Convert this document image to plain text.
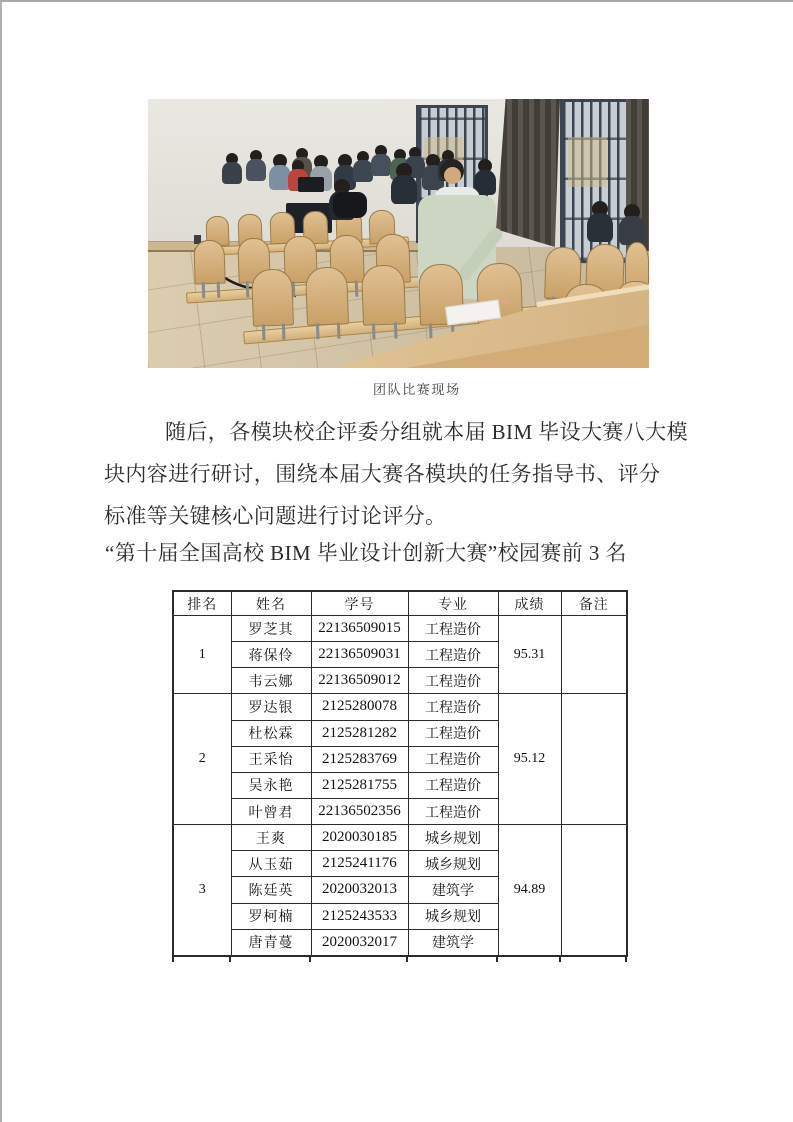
团队比赛现场
随后，各模块校企评委分组就本届 BIM 毕设大赛八大模
块内容进行研讨，围绕本届大赛各模块的任务指导书、评分
标准等关键核心问题进行讨论评分。
“第十届全国高校 BIM 毕业设计创新大赛”校园赛前 3 名
排名	姓名	学号	专业	成绩	备注
1	罗芝其	22136509015	工程造价	95.31	
	蒋保伶	22136509031	工程造价		
	韦云娜	22136509012	工程造价		
2	罗达银	2125280078	工程造价	95.12	
	杜松霖	2125281282	工程造价		
	王采怡	2125283769	工程造价		
	吴永艳	2125281755	工程造价		
	叶曾君	22136502356	工程造价		
3	王爽	2020030185	城乡规划	94.89	
	从玉茹	2125241176	城乡规划		
	陈廷英	2020032013	建筑学		
	罗柯楠	2125243533	城乡规划		
	唐青蔓	2020032017	建筑学		
